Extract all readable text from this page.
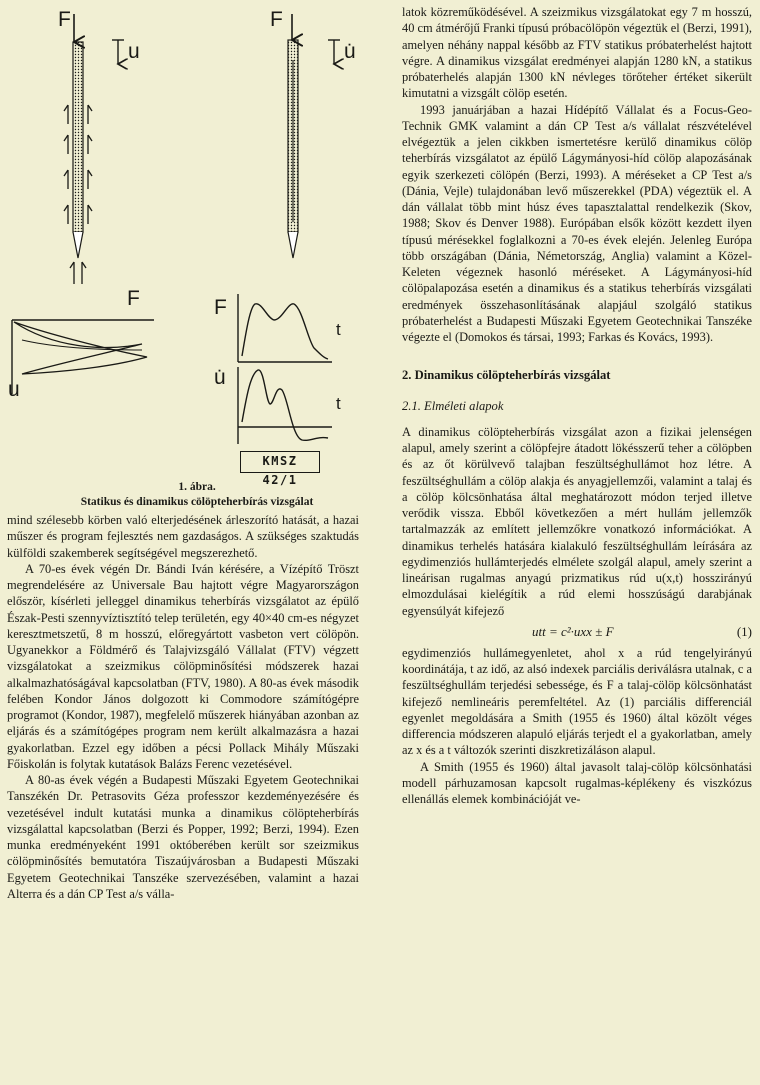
F
u
F
u̇
F
u
F
t
u̇
t
KMSZ 42/1
1. ábra.
Statikus és dinamikus cölöpteherbírás vizsgálat

mind szélesebb körben való elterjedésének árleszorító hatását, a hazai műszer és program fejlesztés nem gazdaságos. A szükséges szaktudás külföldi szakemberek segítségével megszerezhető.

A 70-es évek végén Dr. Bándi Iván kérésére, a Vízépítő Tröszt megrendelésére az Universale Bau hajtott végre Magyarországon először, kísérleti jelleggel dinamikus teherbírás vizsgálatot az épülő Észak-Pesti szennyvíztisztító telep területén, egy 40×40 cm-es négyzet keresztmetszetű, 8 m hosszú, előregyártott vasbeton vert cölöpön. Ugyanekkor a Földmérő és Talajvizsgáló Vállalat (FTV) végzett vizsgálatokat a szeizmikus cölöpminősítési módszerek hazai alkalmazhatóságával kapcsolatban (FTV, 1980). A 80-as évek második felében Kondor János dolgozott ki Commodore számítógépre programot (Kondor, 1987), megfelelő műszerek hiányában azonban az eljárás és a számítógépes program nem került alkalmazásra a hazai gyakorlatban. Ezzel egy időben a pécsi Pollack Mihály Műszaki Főiskolán is folytak kutatások Balázs Ferenc vezetésével.

A 80-as évek végén a Budapesti Műszaki Egyetem Geotechnikai Tanszékén Dr. Petrasovits Géza professzor kezdeményezésére és vezetésével indult kutatási munka a dinamikus cölöpteherbírás vizsgálattal kapcsolatban (Berzi és Popper, 1992; Berzi, 1994). Ezen munka eredményeként 1991 októberében került sor szeizmikus cölöpminősítés bemutatóra Tiszaújvárosban a Budapesti Műszaki Egyetem Geotechnikai Tanszéke szervezésében, valamint a hazai Alterra és a dán CP Test a/s válla-

latok közreműködésével. A szeizmikus vizsgálatokat egy 7 m hosszú, 40 cm átmérőjű Franki típusú próbacölöpön végeztük el (Berzi, 1991), amelyen néhány nappal később az FTV statikus próbaterhelést hajtott végre. A dinamikus vizsgálat eredményei alapján 1280 kN, a statikus próbaterhelés alapján 1300 kN névleges törőteher értéket sikerült kimutatni a vizsgált cölöp esetén.

1993 januárjában a hazai Hídépítő Vállalat és a Focus-Geo-Technik GMK valamint a dán CP Test a/s vállalat részvételével elvégeztük a jelen cikkben ismertetésre kerülő dinamikus cölöp teherbírás vizsgálatot az épülő Lágymányosi-híd cölöp alapozásának egyik szerkezeti cölöpén (Berzi, 1993). A méréseket a CP Test a/s (Dánia, Vejle) tulajdonában levő műszerekkel (PDA) végeztük el. A dán vállalat több mint húsz éves tapasztalattal rendelkezik (Skov, 1988; Skov és Denver 1988). Európában elsők között kezdett ilyen típusú mérésekkel foglalkozni a 70-es évek elején. Jelenleg Európa több országában (Dánia, Németország, Anglia) valamint a Közel-Keleten végeznek hasonló méréseket. A Lágymányosi-híd cölöpalapozása esetén a dinamikus és a statikus teherbírás vizsgálati eredmények összehasonlításának alapjául szolgáló statikus próbaterhelést a Budapesti Műszaki Egyetem Geotechnikai Tanszéke végezte el (Domokos és társai, 1993; Farkas és Kovács, 1993).

2. Dinamikus cölöpteherbírás vizsgálat

2.1. Elméleti alapok

A dinamikus cölöpteherbírás vizsgálat azon a fizikai jelenségen alapul, amely szerint a cölöpfejre átadott lökésszerű teher a cölöpben és az őt körülvevő talajban feszültséghullámot hoz létre. A feszültséghullám a cölöp alakja és anyagjellemzői, valamint a talaj és a cölöp kölcsönhatása által meghatározott módon terjed illetve verődik vissza. Ebből következően a mért hullám jellemzők tartalmazzák az említett jellemzőkre vonatkozó információkat. A dinamikus terhelés hatására kialakuló feszültséghullám leírására az egydimenziós hullámterjedés elmélete szolgál alapul, amely szerint a lineárisan rugalmas anyagú prizmatikus rúd u(x,t) hosszirányú elmozdulásai kielégítik a rúd elemi hosszúságú darabjának egyensúlyát kifejező

utt = c²·uxx ± F	(1)

egydimenziós hullámegyenletet, ahol x a rúd tengelyirányú koordinátája, t az idő, az alsó indexek parciális deriválásra utalnak, c a feszültséghullám terjedési sebessége, és F a talaj-cölöp kölcsönhatást kifejező nemlineáris peremfeltétel. Az (1) parciális differenciál egyenlet megoldására a Smith (1955 és 1960) által közölt véges differencia módszeren alapuló eljárás terjedt el a gyakorlatban, amely az x és a t változók szerinti diszkretizáláson alapul.

A Smith (1955 és 1960) által javasolt talaj-cölöp kölcsönhatási modell párhuzamosan kapcsolt rugalmas-képlékeny és viszkózus ellenállás elemek kombinációját ve-
